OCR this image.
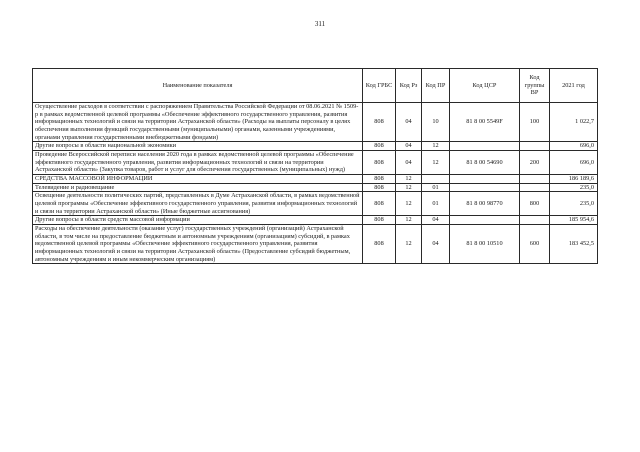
311
Наименование показателя	Код ГРБС	Код Рз	Код ПР	Код ЦСР	Код группы ВР	2021 год
Осуществление расходов в соответствии с распоряжением Правительства Российской Федерации от 08.06.2021 № 1509-р в рамках ведомственной целевой программы «Обеспечение эффективного государственного управления, развития информационных технологий и связи на территории Астраханской области» (Расходы на выплаты персоналу в целях обеспечения выполнения функций государственными (муниципальными) органами, казенными учреждениями, органами управления государственными внебюджетными фондами)	808	04	10	81 8 00 5549F	100	1 022,7
Другие вопросы в области национальной экономики	808	04	12			696,0
Проведение Всероссийской переписи населения 2020 года в рамках ведомственной целевой программы «Обеспечение эффективного государственного управления, развития информационных технологий и связи на территории Астраханской области» (Закупка товаров, работ и услуг для обеспечения государственных (муниципальных) нужд)	808	04	12	81 8 00 54690	200	696,0
СРЕДСТВА МАССОВОЙ ИНФОРМАЦИИ	808	12				186 189,6
Телевидение и радиовещание	808	12	01			235,0
Освещение деятельности политических партий, представленных в Думе Астраханской области, в рамках ведомственной целевой программы «Обеспечение эффективного государственного управления, развития информационных технологий и связи на территории Астраханской области» (Иные бюджетные ассигнования)	808	12	01	81 8 00 98770	800	235,0
Другие вопросы в области средств массовой информации	808	12	04			185 954,6
Расходы на обеспечение деятельности (оказание услуг) государственных учреждений (организаций) Астраханской области, в том числе на предоставление бюджетным и автономным учреждениям (организациям) субсидий, в рамках ведомственной целевой программы «Обеспечение эффективного государственного управления, развития информационных технологий и связи на территории Астраханской области» (Предоставление субсидий бюджетным, автономным учреждениям и иным некоммерческим организациям)	808	12	04	81 8 00 10510	600	183 452,5
